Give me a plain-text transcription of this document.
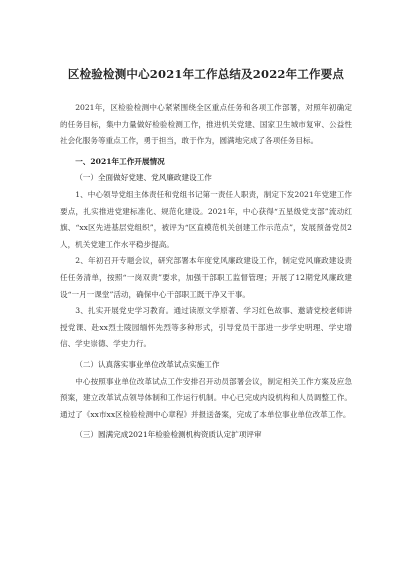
区检验检测中心2021年工作总结及2022年工作要点

2021年，区检验检测中心紧紧围绕全区重点任务和各项工作部署，对照年初确定的任务目标，集中力量做好检验检测工作，推进机关党建、国家卫生城市复审、公益性社会化服务等重点工作，勇于担当，敢于作为，圆满地完成了各项任务目标。

一、2021年工作开展情况

（一）全面做好党建、党风廉政建设工作

1、中心领导党组主体责任和党组书记第一责任人职责，制定下发2021年党建工作要点，扎实推进党建标准化、规范化建设。2021年，中心获得“五星级党支部”流动红旗、“xx区先进基层党组织”，被评为“区直模范机关创建工作示范点”，发展预备党员2人，机关党建工作水平稳步提高。

2、年初召开专题会议，研究部署本年度党风廉政建设工作，制定党风廉政建设责任任务清单，按照“一岗双责”要求，加强干部职工监督管理；开展了12期党风廉政建设“一月一课堂”活动，确保中心干部职工既干净又干事。

3、扎实开展党史学习教育。通过读原文学原著、学习红色故事、邀请党校老师讲授党课、赴xx烈士陵园缅怀先烈等多种形式，引导党员干部进一步学史明理、学史增信、学史崇德、学史力行。

（二）认真落实事业单位改革试点实施工作

中心按照事业单位改革试点工作安排召开动员部署会议，制定相关工作方案及应急预案，建立改革试点领导体制和工作运行机制。中心已完成内设机构和人员调整工作。通过了《xx市xx区检验检测中心章程》并报送备案，完成了本单位事业单位改革工作。

（三）圆满完成2021年检验检测机构资质认定扩项评审
